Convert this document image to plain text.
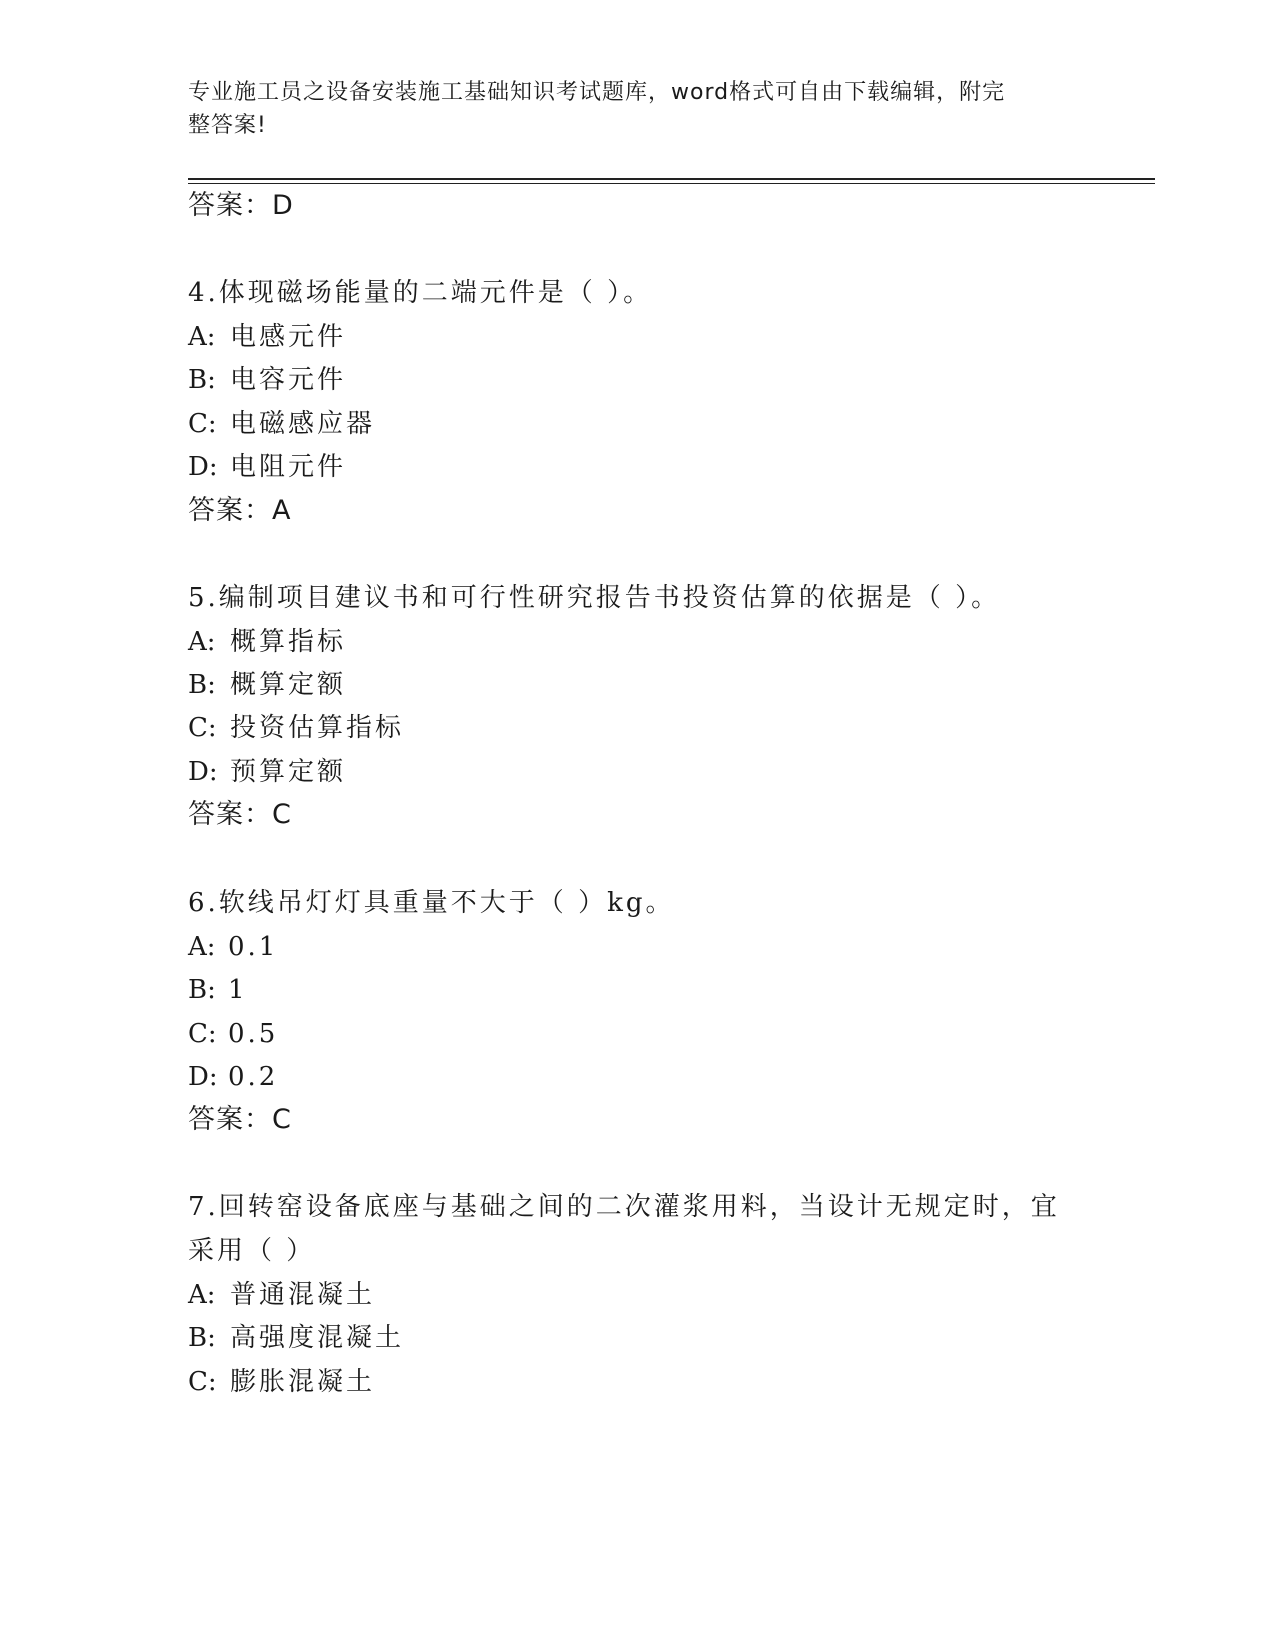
专业施工员之设备安装施工基础知识考试题库，word格式可自由下载编辑，附完
整答案!
答案：D
4.体现磁场能量的二端元件是（ ）。
A: 电感元件
B: 电容元件
C: 电磁感应器
D: 电阻元件
答案：A
5.编制项目建议书和可行性研究报告书投资估算的依据是（ ）。
A: 概算指标
B: 概算定额
C: 投资估算指标
D: 预算定额
答案：C
6.软线吊灯灯具重量不大于（ ）kg。
A: 0.1
B: 1
C: 0.5
D: 0.2
答案：C
7.回转窑设备底座与基础之间的二次灌浆用料，当设计无规定时，宜
采用（ ）
A: 普通混凝土
B: 高强度混凝土
C: 膨胀混凝土
